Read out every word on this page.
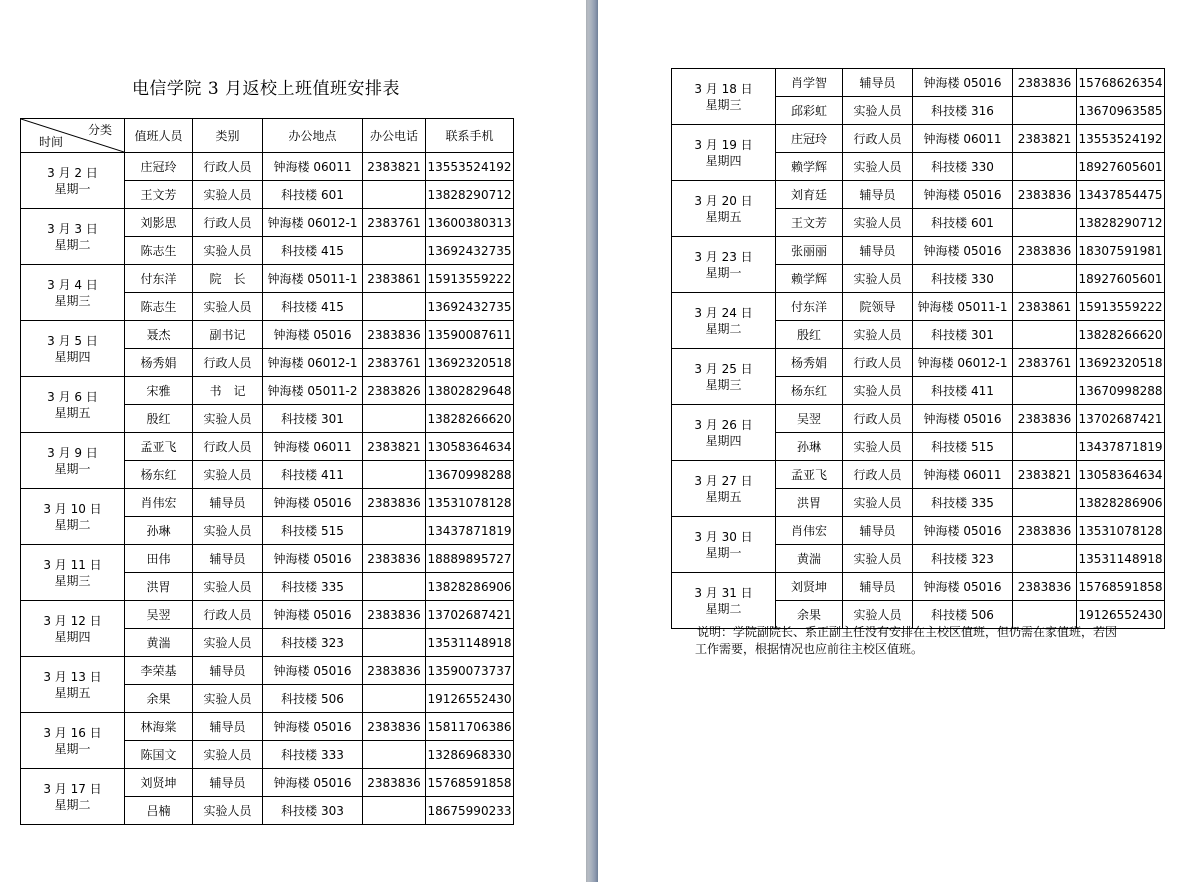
电信学院 3 月返校上班值班安排表
分类
时间	值班人员	类别	办公地点	办公电话	联系手机

3 月 2 日
星期一	庄冠玲	行政人员	钟海楼 06011	2383821	13553524192
	王文芳	实验人员	科技楼 601		13828290712

3 月 3 日
星期二	刘影思	行政人员	钟海楼 06012-1	2383761	13600380313
	陈志生	实验人员	科技楼 415		13692432735

3 月 4 日
星期三	付东洋	院　长	钟海楼 05011-1	2383861	15913559222
	陈志生	实验人员	科技楼 415		13692432735

3 月 5 日
星期四	聂杰	副书记	钟海楼 05016	2383836	13590087611
	杨秀娟	行政人员	钟海楼 06012-1	2383761	13692320518

3 月 6 日
星期五	宋雅	书　记	钟海楼 05011-2	2383826	13802829648
	殷红	实验人员	科技楼 301		13828266620

3 月 9 日
星期一	孟亚飞	行政人员	钟海楼 06011	2383821	13058364634
	杨东红	实验人员	科技楼 411		13670998288

3 月 10 日
星期二	肖伟宏	辅导员	钟海楼 05016	2383836	13531078128
	孙琳	实验人员	科技楼 515		13437871819

3 月 11 日
星期三	田伟	辅导员	钟海楼 05016	2383836	18889895727
	洪胃	实验人员	科技楼 335		13828286906

3 月 12 日
星期四	吴翌	行政人员	钟海楼 05016	2383836	13702687421
	黄湍	实验人员	科技楼 323		13531148918

3 月 13 日
星期五	李荣基	辅导员	钟海楼 05016	2383836	13590073737
	余果	实验人员	科技楼 506		19126552430

3 月 16 日
星期一	林海棠	辅导员	钟海楼 05016	2383836	15811706386
	陈国文	实验人员	科技楼 333		13286968330

3 月 17 日
星期二	刘贤坤	辅导员	钟海楼 05016	2383836	15768591858
	吕楠	实验人员	科技楼 303		18675990233
3 月 18 日
星期三	肖学智	辅导员	钟海楼 05016	2383836	15768626354
	邱彩虹	实验人员	科技楼 316		13670963585

3 月 19 日
星期四	庄冠玲	行政人员	钟海楼 06011	2383821	13553524192
	赖学辉	实验人员	科技楼 330		18927605601

3 月 20 日
星期五	刘育廷	辅导员	钟海楼 05016	2383836	13437854475
	王文芳	实验人员	科技楼 601		13828290712

3 月 23 日
星期一	张丽丽	辅导员	钟海楼 05016	2383836	18307591981
	赖学辉	实验人员	科技楼 330		18927605601

3 月 24 日
星期二	付东洋	院领导	钟海楼 05011-1	2383861	15913559222
	殷红	实验人员	科技楼 301		13828266620

3 月 25 日
星期三	杨秀娟	行政人员	钟海楼 06012-1	2383761	13692320518
	杨东红	实验人员	科技楼 411		13670998288

3 月 26 日
星期四	吴翌	行政人员	钟海楼 05016	2383836	13702687421
	孙琳	实验人员	科技楼 515		13437871819

3 月 27 日
星期五	孟亚飞	行政人员	钟海楼 06011	2383821	13058364634
	洪胃	实验人员	科技楼 335		13828286906

3 月 30 日
星期一	肖伟宏	辅导员	钟海楼 05016	2383836	13531078128
	黄湍	实验人员	科技楼 323		13531148918

3 月 31 日
星期二	刘贤坤	辅导员	钟海楼 05016	2383836	15768591858
	余果	实验人员	科技楼 506		19126552430
说明：学院副院长、系正副主任没有安排在主校区值班，但仍需在家值班，若因
工作需要，根据情况也应前往主校区值班。
